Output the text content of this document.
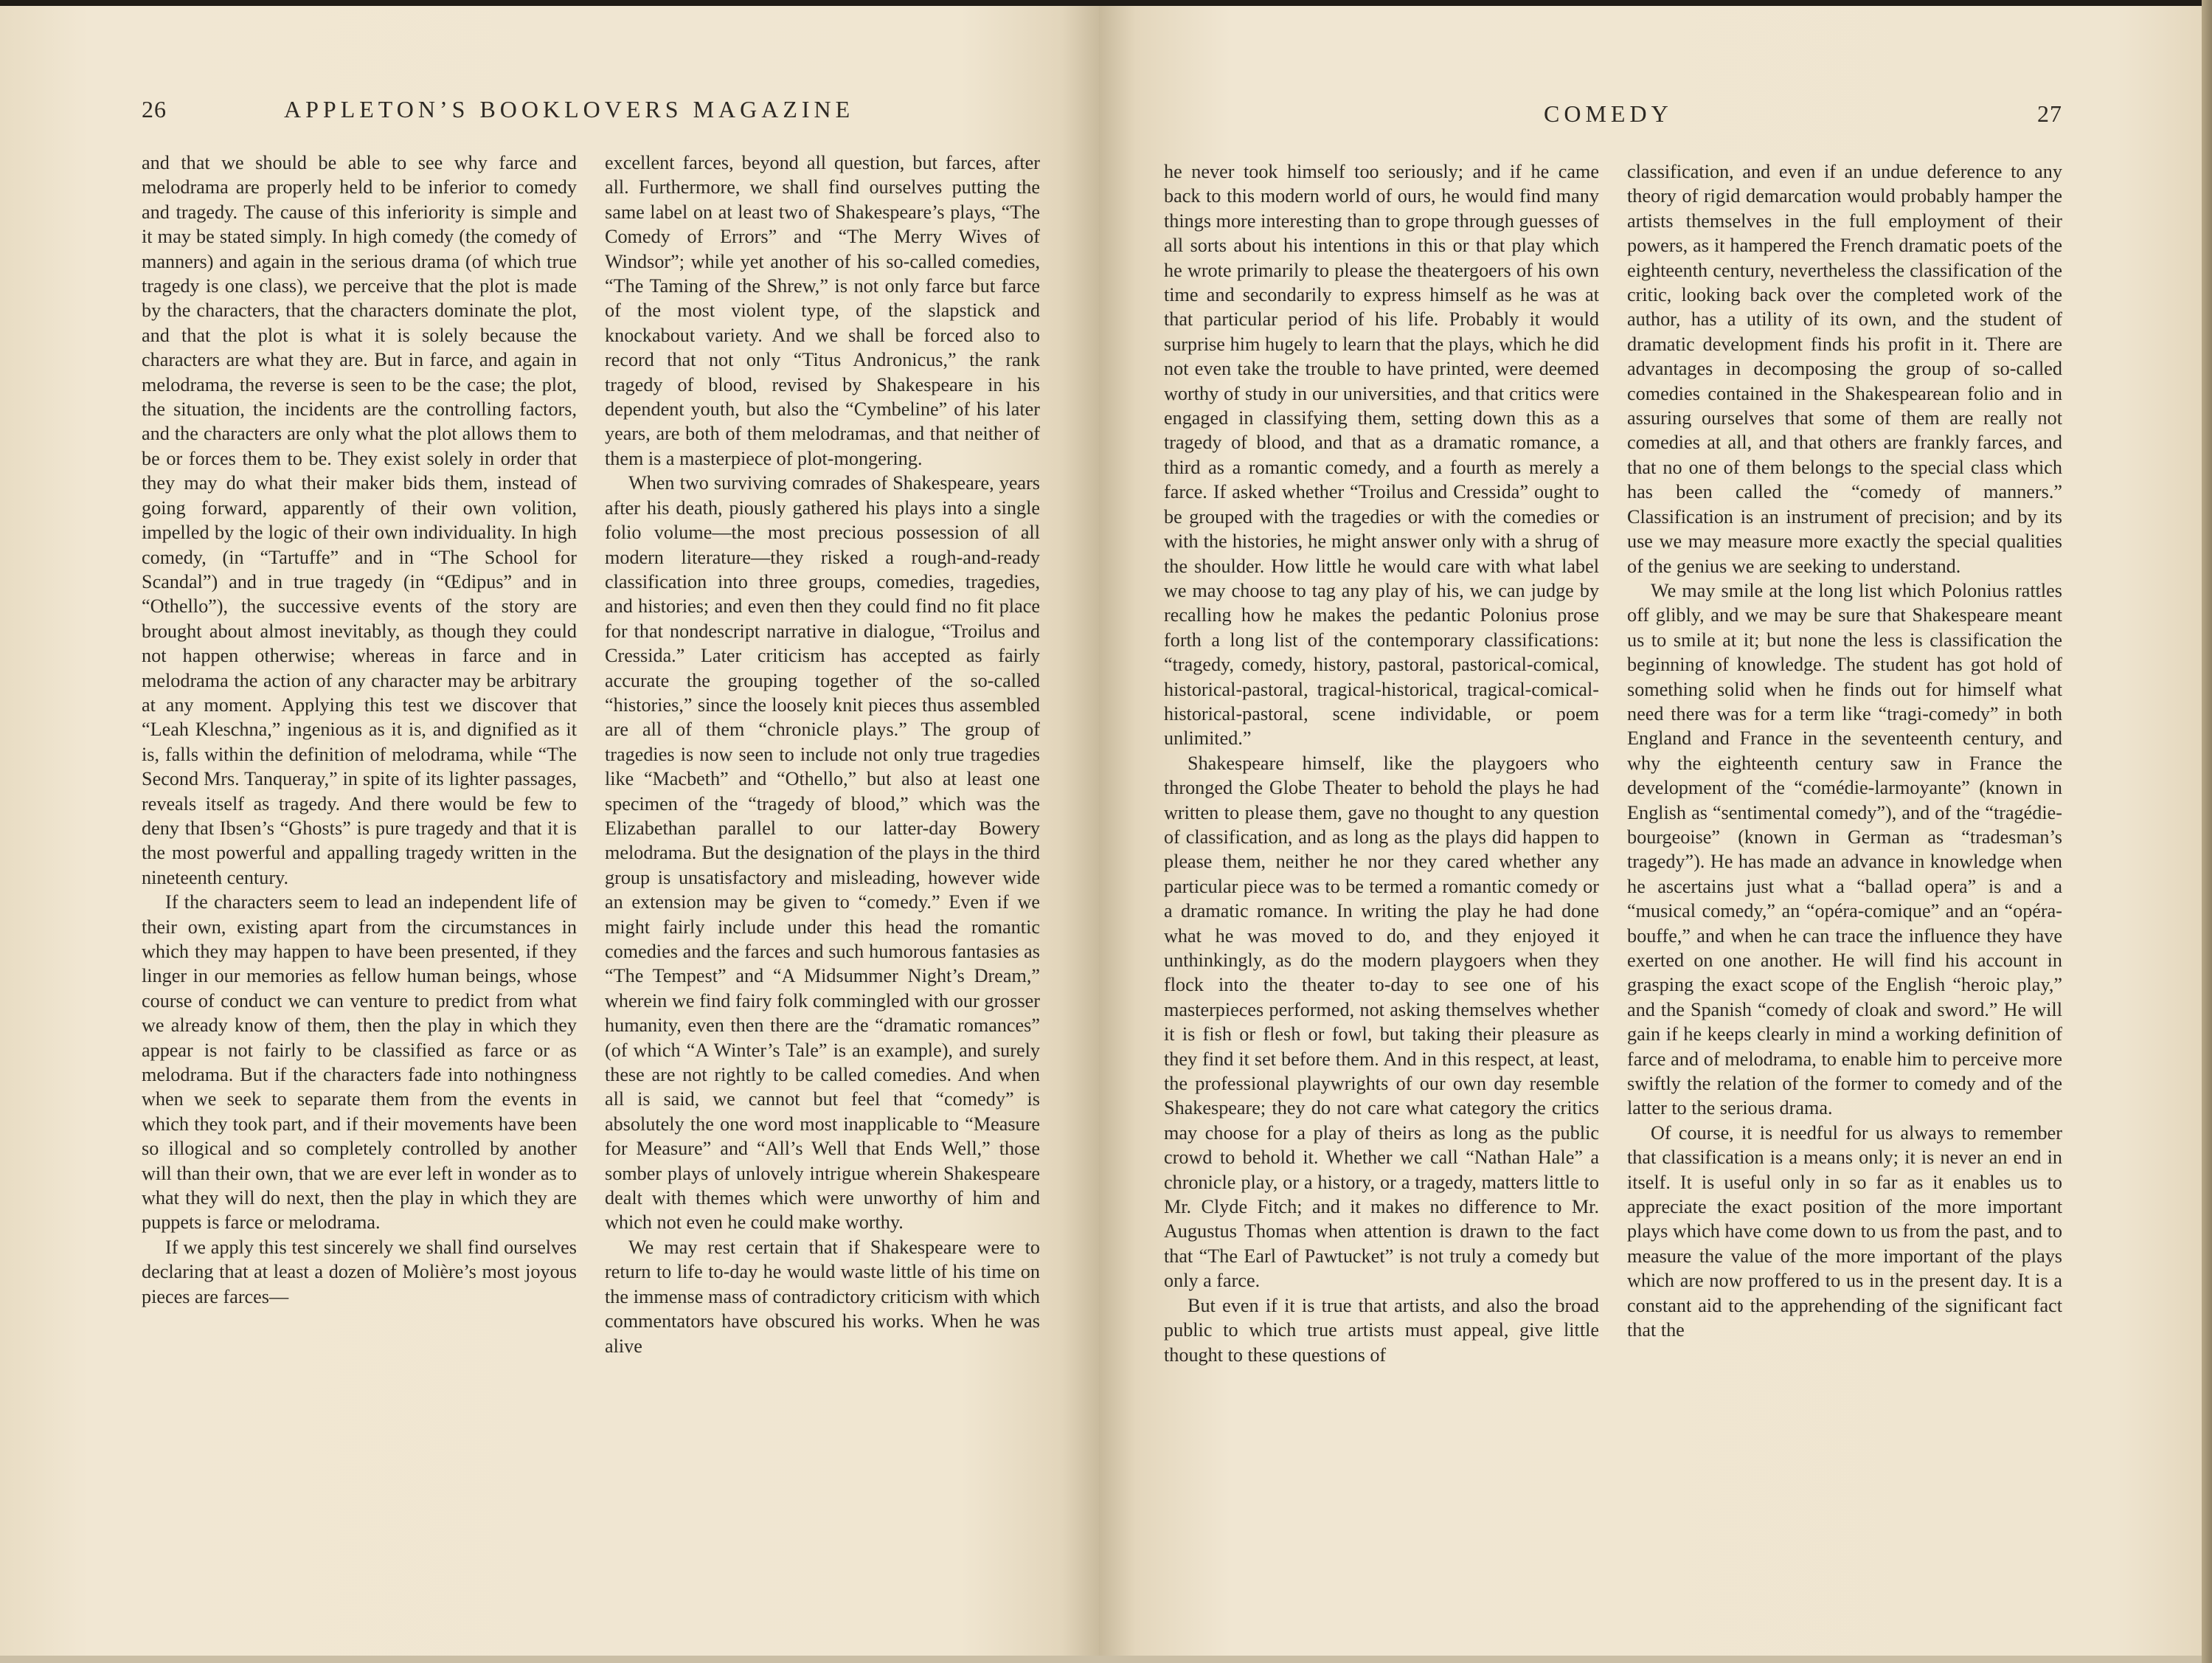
26	APPLETON’S BOOKLOVERS MAGAZINE

and that we should be able to see why farce and melodrama are properly held to be inferior to comedy and tragedy. The cause of this inferiority is simple and it may be stated simply. In high comedy (the comedy of manners) and again in the serious drama (of which true tragedy is one class), we perceive that the plot is made by the characters, that the characters dominate the plot, and that the plot is what it is solely because the characters are what they are. But in farce, and again in melodrama, the reverse is seen to be the case; the plot, the situation, the incidents are the controlling factors, and the characters are only what the plot allows them to be or forces them to be. They exist solely in order that they may do what their maker bids them, instead of going forward, apparently of their own volition, impelled by the logic of their own individuality. In high comedy, (in “Tartuffe” and in “The School for Scandal”) and in true tragedy (in “Œdipus” and in “Othello”), the successive events of the story are brought about almost inevitably, as though they could not happen otherwise; whereas in farce and in melodrama the action of any character may be arbitrary at any moment. Applying this test we discover that “Leah Kleschna,” ingenious as it is, and dignified as it is, falls within the definition of melodrama, while “The Second Mrs. Tanqueray,” in spite of its lighter passages, reveals itself as tragedy. And there would be few to deny that Ibsen’s “Ghosts” is pure tragedy and that it is the most powerful and appalling tragedy written in the nineteenth century.

If the characters seem to lead an independent life of their own, existing apart from the circumstances in which they may happen to have been presented, if they linger in our memories as fellow human beings, whose course of conduct we can venture to predict from what we already know of them, then the play in which they appear is not fairly to be classified as farce or as melodrama. But if the characters fade into nothingness when we seek to separate them from the events in which they took part, and if their movements have been so illogical and so completely controlled by another will than their own, that we are ever left in wonder as to what they will do next, then the play in which they are puppets is farce or melodrama.

If we apply this test sincerely we shall find ourselves declaring that at least a dozen of Molière’s most joyous pieces are farces—

excellent farces, beyond all question, but farces, after all. Furthermore, we shall find ourselves putting the same label on at least two of Shakespeare’s plays, “The Comedy of Errors” and “The Merry Wives of Windsor”; while yet another of his so-called comedies, “The Taming of the Shrew,” is not only farce but farce of the most violent type, of the slapstick and knockabout variety. And we shall be forced also to record that not only “Titus Andronicus,” the rank tragedy of blood, revised by Shakespeare in his dependent youth, but also the “Cymbeline” of his later years, are both of them melodramas, and that neither of them is a masterpiece of plot-mongering.

When two surviving comrades of Shakespeare, years after his death, piously gathered his plays into a single folio volume—the most precious possession of all modern literature—they risked a rough-and-ready classification into three groups, comedies, tragedies, and histories; and even then they could find no fit place for that nondescript narrative in dialogue, “Troilus and Cressida.” Later criticism has accepted as fairly accurate the grouping together of the so-called “histories,” since the loosely knit pieces thus assembled are all of them “chronicle plays.” The group of tragedies is now seen to include not only true tragedies like “Macbeth” and “Othello,” but also at least one specimen of the “tragedy of blood,” which was the Elizabethan parallel to our latter-day Bowery melodrama. But the designation of the plays in the third group is unsatisfactory and misleading, however wide an extension may be given to “comedy.” Even if we might fairly include under this head the romantic comedies and the farces and such humorous fantasies as “The Tempest” and “A Midsummer Night’s Dream,” wherein we find fairy folk commingled with our grosser humanity, even then there are the “dramatic romances” (of which “A Winter’s Tale” is an example), and surely these are not rightly to be called comedies. And when all is said, we cannot but feel that “comedy” is absolutely the one word most inapplicable to “Measure for Measure” and “All’s Well that Ends Well,” those somber plays of unlovely intrigue wherein Shakespeare dealt with themes which were unworthy of him and which not even he could make worthy.

We may rest certain that if Shakespeare were to return to life to-day he would waste little of his time on the immense mass of contradictory criticism with which commentators have obscured his works. When he was alive

COMEDY	27

he never took himself too seriously; and if he came back to this modern world of ours, he would find many things more interesting than to grope through guesses of all sorts about his intentions in this or that play which he wrote primarily to please the theatergoers of his own time and secondarily to express himself as he was at that particular period of his life. Probably it would surprise him hugely to learn that the plays, which he did not even take the trouble to have printed, were deemed worthy of study in our universities, and that critics were engaged in classifying them, setting down this as a tragedy of blood, and that as a dramatic romance, a third as a romantic comedy, and a fourth as merely a farce. If asked whether “Troilus and Cressida” ought to be grouped with the tragedies or with the comedies or with the histories, he might answer only with a shrug of the shoulder. How little he would care with what label we may choose to tag any play of his, we can judge by recalling how he makes the pedantic Polonius prose forth a long list of the contemporary classifications: “tragedy, comedy, history, pastoral, pastorical-comical, historical-pastoral, tragical-historical, tragical-comical-historical-pastoral, scene individable, or poem unlimited.”

Shakespeare himself, like the playgoers who thronged the Globe Theater to behold the plays he had written to please them, gave no thought to any question of classification, and as long as the plays did happen to please them, neither he nor they cared whether any particular piece was to be termed a romantic comedy or a dramatic romance. In writing the play he had done what he was moved to do, and they enjoyed it unthinkingly, as do the modern playgoers when they flock into the theater to-day to see one of his masterpieces performed, not asking themselves whether it is fish or flesh or fowl, but taking their pleasure as they find it set before them. And in this respect, at least, the professional playwrights of our own day resemble Shakespeare; they do not care what category the critics may choose for a play of theirs as long as the public crowd to behold it. Whether we call “Nathan Hale” a chronicle play, or a history, or a tragedy, matters little to Mr. Clyde Fitch; and it makes no difference to Mr. Augustus Thomas when attention is drawn to the fact that “The Earl of Pawtucket” is not truly a comedy but only a farce.

But even if it is true that artists, and also the broad public to which true artists must appeal, give little thought to these questions of

classification, and even if an undue deference to any theory of rigid demarcation would probably hamper the artists themselves in the full employment of their powers, as it hampered the French dramatic poets of the eighteenth century, nevertheless the classification of the critic, looking back over the completed work of the author, has a utility of its own, and the student of dramatic development finds his profit in it. There are advantages in decomposing the group of so-called comedies contained in the Shakespearean folio and in assuring ourselves that some of them are really not comedies at all, and that others are frankly farces, and that no one of them belongs to the special class which has been called the “comedy of manners.” Classification is an instrument of precision; and by its use we may measure more exactly the special qualities of the genius we are seeking to understand.

We may smile at the long list which Polonius rattles off glibly, and we may be sure that Shakespeare meant us to smile at it; but none the less is classification the beginning of knowledge. The student has got hold of something solid when he finds out for himself what need there was for a term like “tragi-comedy” in both England and France in the seventeenth century, and why the eighteenth century saw in France the development of the “comédie-larmoyante” (known in English as “sentimental comedy”), and of the “tragédie-bourgeoise” (known in German as “tradesman’s tragedy”). He has made an advance in knowledge when he ascertains just what a “ballad opera” is and a “musical comedy,” an “opéra-comique” and an “opéra-bouffe,” and when he can trace the influence they have exerted on one another. He will find his account in grasping the exact scope of the English “heroic play,” and the Spanish “comedy of cloak and sword.” He will gain if he keeps clearly in mind a working definition of farce and of melodrama, to enable him to perceive more swiftly the relation of the former to comedy and of the latter to the serious drama.

Of course, it is needful for us always to remember that classification is a means only; it is never an end in itself. It is useful only in so far as it enables us to appreciate the exact position of the more important plays which have come down to us from the past, and to measure the value of the more important of the plays which are now proffered to us in the present day. It is a constant aid to the apprehending of the significant fact that the
